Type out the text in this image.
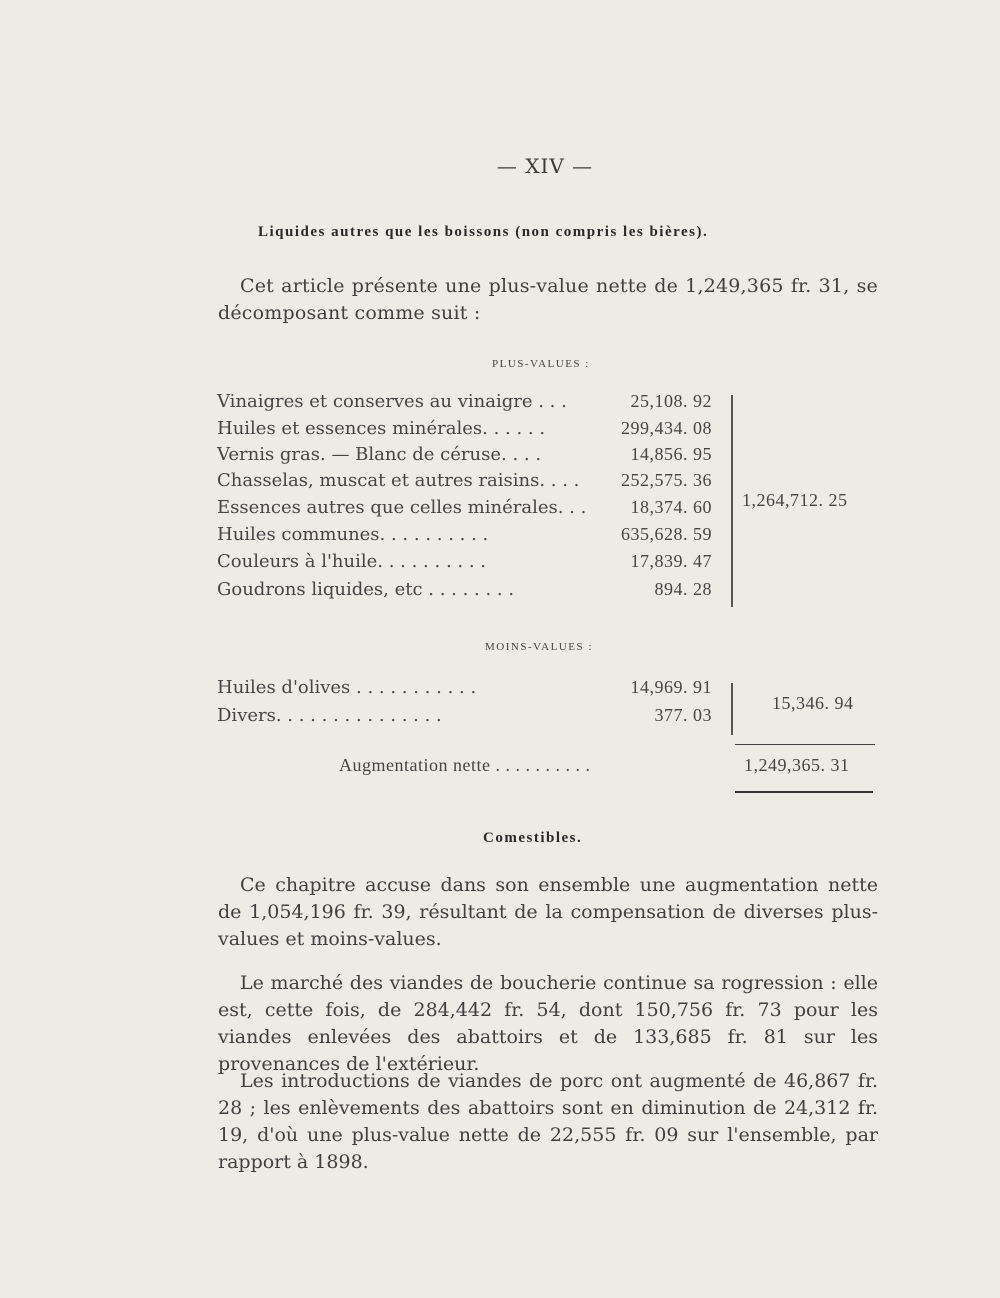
— XIV —
Liquides autres que les boissons (non compris les bières).
Cet article présente une plus-value nette de 1,249,365 fr. 31, se décomposant comme suit :
PLUS-VALUES :
Vinaigres et conserves au vinaigre . . .	25,108. 92
Huiles et essences minérales. . . . . .	299,434. 08
Vernis gras. — Blanc de céruse. . . .	14,856. 95
Chasselas, muscat et autres raisins. . . .	252,575. 36
Essences autres que celles minérales. . .	18,374. 60
Huiles communes. . . . . . . . . .	635,628. 59
Couleurs à l'huile. . . . . . . . . .	17,839. 47
Goudrons liquides, etc . . . . . . . .	894. 28
1,264,712. 25
MOINS-VALUES :
Huiles d'olives . . . . . . . . . . .	14,969. 91
Divers. . . . . . . . . . . . . . .	377. 03
15,346. 94
Augmentation nette . . . . . . . . . .	1,249,365. 31
Comestibles.
Ce chapitre accuse dans son ensemble une augmentation nette de 1,054,196 fr. 39, résultant de la compensation de diverses plus-values et moins-values.
Le marché des viandes de boucherie continue sa rogression : elle est, cette fois, de 284,442 fr. 54, dont 150,756 fr. 73 pour les viandes enlevées des abattoirs et de 133,685 fr. 81 sur les provenances de l'extérieur.
Les introductions de viandes de porc ont augmenté de 46,867 fr. 28 ; les enlèvements des abattoirs sont en diminution de 24,312 fr. 19, d'où une plus-value nette de 22,555 fr. 09 sur l'ensemble, par rapport à 1898.
